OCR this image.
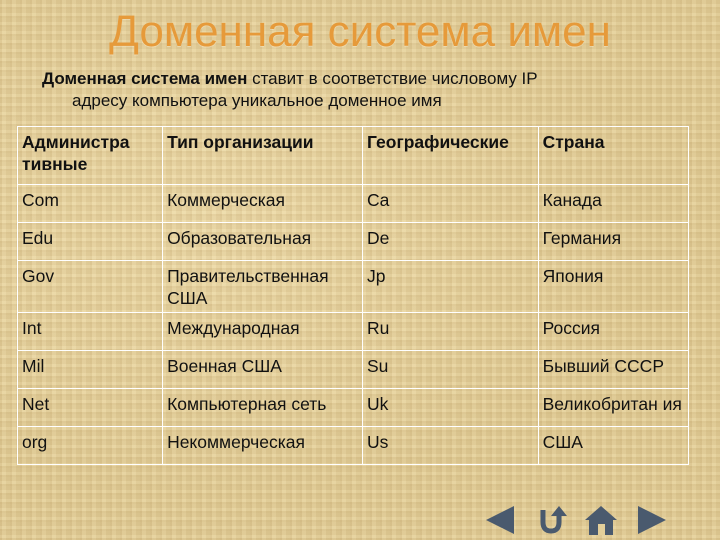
Доменная система имен
Доменная система имен ставит в соответствие числовому IP
адресу компьютера уникальное доменное имя
Администра тивные	Тип организации	Географические	Страна
Com	Коммерческая	Ca	Канада
Edu	Образовательная	De	Германия
Gov	Правительственная США	Jp	Япония
Int	Международная	Ru	Россия
Mil	Военная США	Su	Бывший СССР
Net	Компьютерная сеть	Uk	Великобритан ия
org	Некоммерческая	Us	США
